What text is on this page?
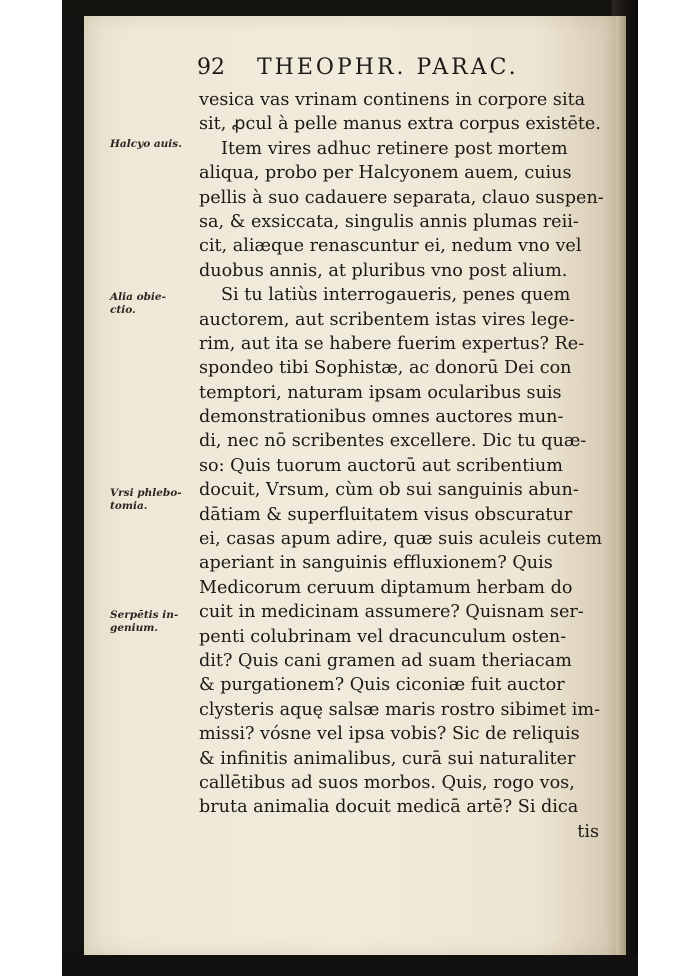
92 THEOPHR. PARAC.
Halcyo auis.
Alia obie-
ctio.
Vrsi phlebo-
tomia.
Serpētis in-
genium.
vesica vas vrinam continens in corpore sita
sit, ꝓcul à pelle manus extra corpus existēte.
Item vires adhuc retinere post mortem
aliqua, probo per Halcyonem auem, cuius
pellis à suo cadauere separata, clauo suspen-
sa, & exsiccata, singulis annis plumas reii-
cit, aliæque renascuntur ei, nedum vno vel
duobus annis, at pluribus vno post alium.
Si tu latiùs interrogaueris, penes quem
auctorem, aut scribentem istas vires lege-
rim, aut ita se habere fuerim expertus? Re-
spondeo tibi Sophistæ, ac donorū Dei con
temptori, naturam ipsam ocularibus suis
demonstrationibus omnes auctores mun-
di, nec nō scribentes excellere. Dic tu quæ-
so: Quis tuorum auctorū aut scribentium
docuit, Vrsum, cùm ob sui sanguinis abun-
dātiam & superfluitatem visus obscuratur
ei, casas apum adire, quæ suis aculeis cutem
aperiant in sanguinis effluxionem? Quis
Medicorum ceruum diptamum herbam do
cuit in medicinam assumere? Quisnam ser-
penti colubrinam vel dracunculum osten-
dit? Quis cani gramen ad suam theriacam
& purgationem? Quis ciconiæ fuit auctor
clysteris aquę salsæ maris rostro sibimet im-
missi? vósne vel ipsa vobis? Sic de reliquis
& infinitis animalibus, curā sui naturaliter
callētibus ad suos morbos. Quis, rogo vos,
bruta animalia docuit medicā artē? Si dica
tis
